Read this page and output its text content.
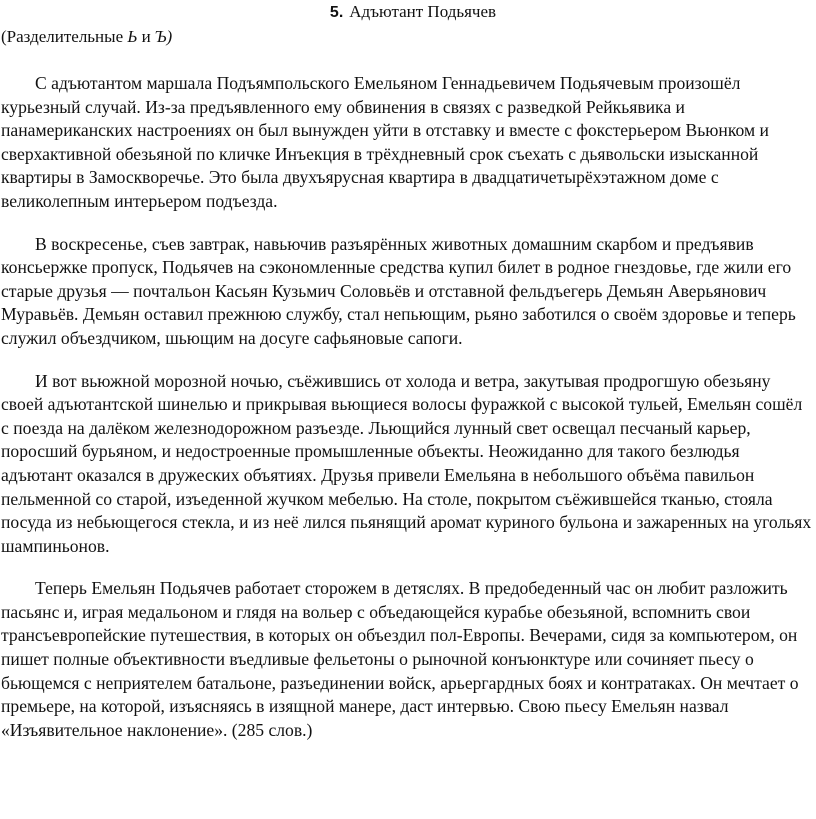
5. Адъютант Подьячев

(Разделительные Ь и Ъ)

С адъютантом маршала Подъямпольского Емельяном Геннадьевичем Подьячевым произошёл курьезный случай. Из-за предъявленного ему обвинения в связях с разведкой Рейкьявика и панамериканских настроениях он был вынужден уйти в отставку и вместе с фокстерьером Вьюнком и сверхактивной обезьяной по кличке Инъекция в трёхдневный срок съехать с дьявольски изысканной квартиры в Замоскворечье. Это была двухъярусная квартира в двадцатичетырёхэтажном доме с великолепным интерьером подъезда.

В воскресенье, съев завтрак, навьючив разъярённых животных домашним скарбом и предъявив консьержке пропуск, Подьячев на сэкономленные средства купил билет в родное гнездовье, где жили его старые друзья — почтальон Касьян Кузьмич Соловьёв и отставной фельдъегерь Демьян Аверьянович Муравьёв. Демьян оставил прежнюю службу, стал непьющим, рьяно заботился о своём здоровье и теперь служил объездчиком, шьющим на досуге сафьяновые сапоги.

И вот вьюжной морозной ночью, съёжившись от холода и ветра, закутывая продрогшую обезьяну своей адъютантской шинелью и прикрывая вьющиеся волосы фуражкой с высокой тульей, Емельян сошёл с поезда на далёком железнодорожном разъезде. Льющийся лунный свет освещал песчаный карьер, поросший бурьяном, и недостроенные промышленные объекты. Неожиданно для такого безлюдья адъютант оказался в дружеских объятиях. Друзья привели Емельяна в небольшого объёма павильон пельменной со старой, изъеденной жучком мебелью. На столе, покрытом съёжившейся тканью, стояла посуда из небьющегося стекла, и из неё лился пьянящий аромат куриного бульона и зажаренных на угольях шампиньонов.

Теперь Емельян Подьячев работает сторожем в детяслях. В предобеденный час он любит разложить пасьянс и, играя медальоном и глядя на вольер с объедающейся курабье обезьяной, вспомнить свои трансъевропейские путешествия, в которых он объездил пол-Европы. Вечерами, сидя за компьютером, он пишет полные объективности въедливые фельетоны о рыночной конъюнктуре или сочиняет пьесу о бьющемся с неприятелем батальоне, разъединении войск, арьергардных боях и контратаках. Он мечтает о премьере, на которой, изъясняясь в изящной манере, даст интервью. Свою пьесу Емельян назвал «Изъявительное наклонение». (285 слов.)
